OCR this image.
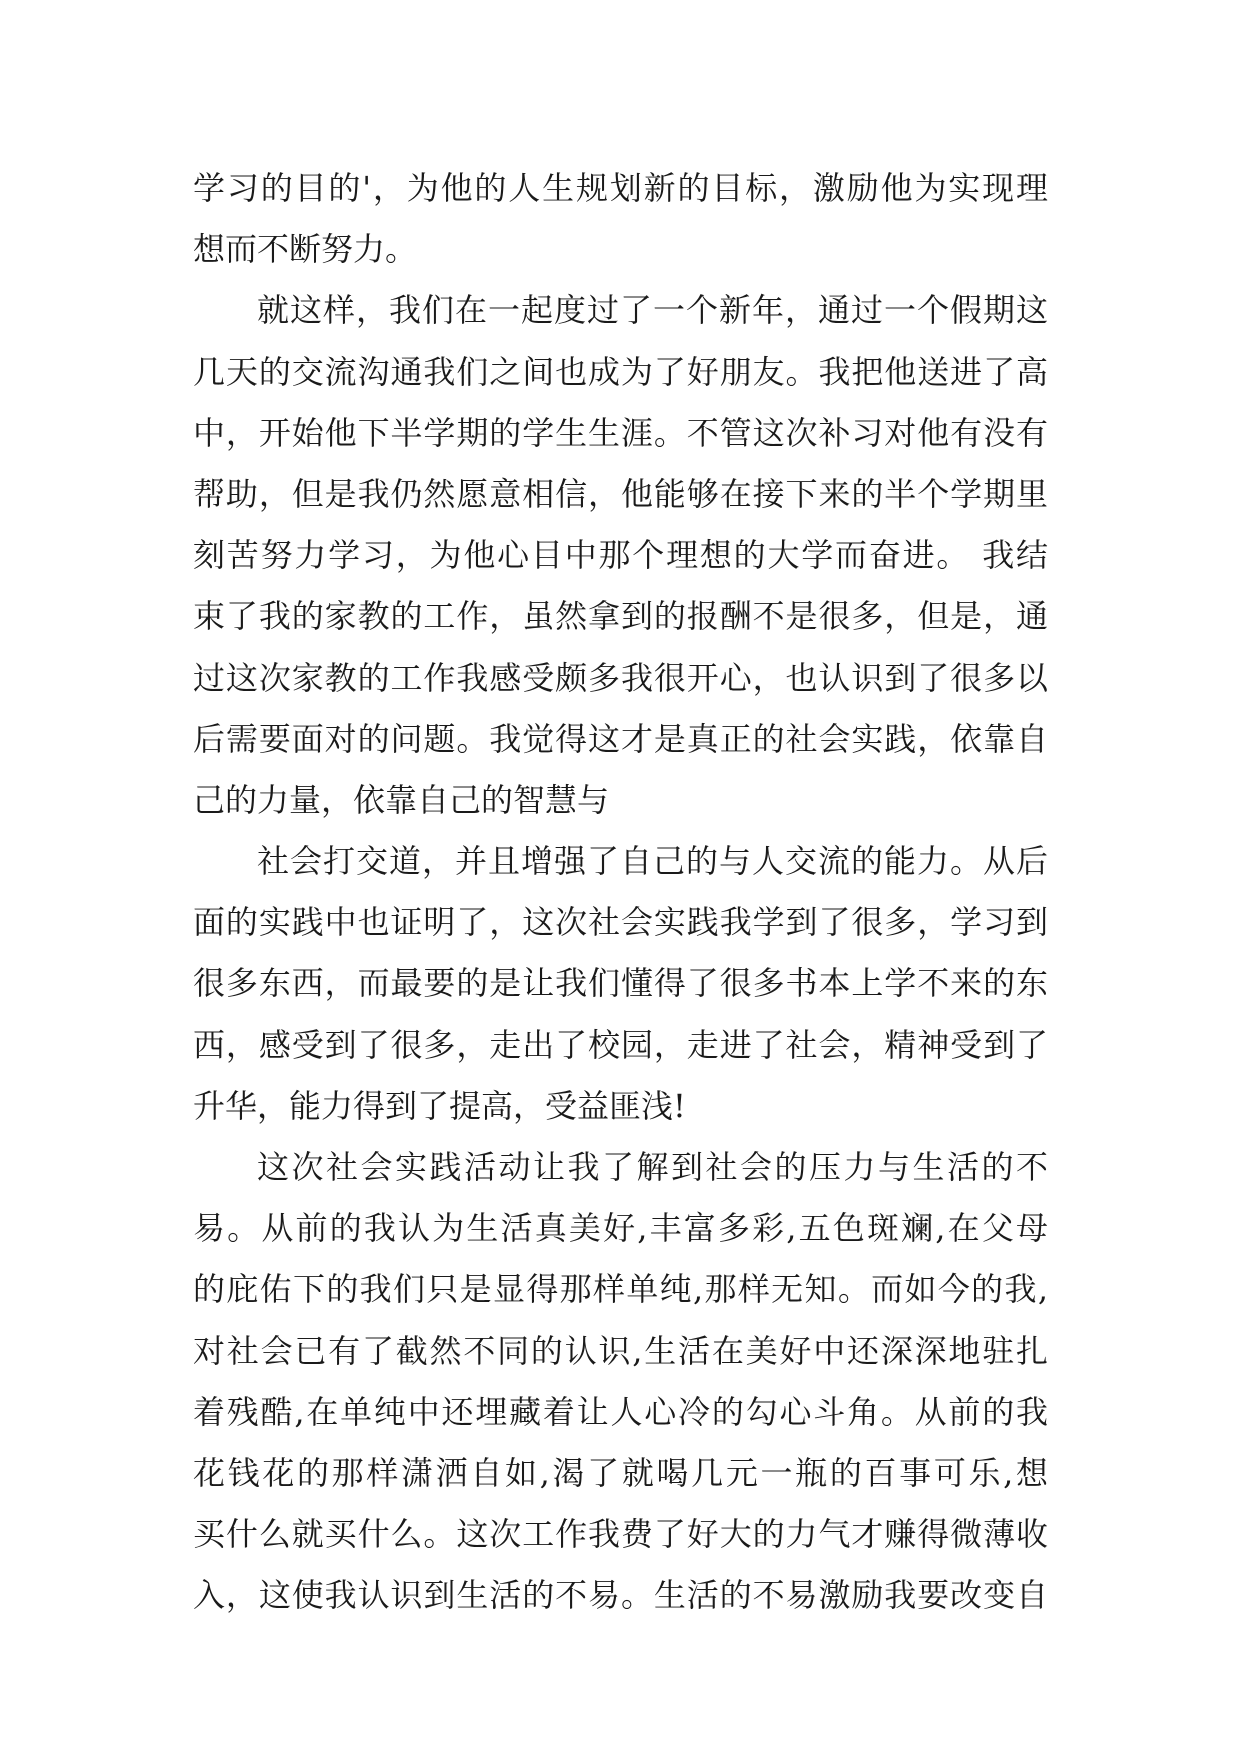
学习的目的'，为他的人生规划新的目标，激励他为实现理
想而不断努力。
就这样，我们在一起度过了一个新年，通过一个假期这
几天的交流沟通我们之间也成为了好朋友。我把他送进了高
中，开始他下半学期的学生生涯。不管这次补习对他有没有
帮助，但是我仍然愿意相信，他能够在接下来的半个学期里
刻苦努力学习，为他心目中那个理想的大学而奋进。 我结
束了我的家教的工作，虽然拿到的报酬不是很多，但是，通
过这次家教的工作我感受颇多我很开心，也认识到了很多以
后需要面对的问题。我觉得这才是真正的社会实践，依靠自
己的力量，依靠自己的智慧与
社会打交道，并且增强了自己的与人交流的能力。从后
面的实践中也证明了，这次社会实践我学到了很多，学习到
很多东西，而最要的是让我们懂得了很多书本上学不来的东
西，感受到了很多，走出了校园，走进了社会，精神受到了
升华，能力得到了提高，受益匪浅!
这次社会实践活动让我了解到社会的压力与生活的不
易。从前的我认为生活真美好,丰富多彩,五色斑斓,在父母
的庇佑下的我们只是显得那样单纯,那样无知。而如今的我,
对社会已有了截然不同的认识,生活在美好中还深深地驻扎
着残酷,在单纯中还埋藏着让人心冷的勾心斗角。从前的我
花钱花的那样潇洒自如,渴了就喝几元一瓶的百事可乐,想
买什么就买什么。这次工作我费了好大的力气才赚得微薄收
入，这使我认识到生活的不易。生活的不易激励我要改变自
